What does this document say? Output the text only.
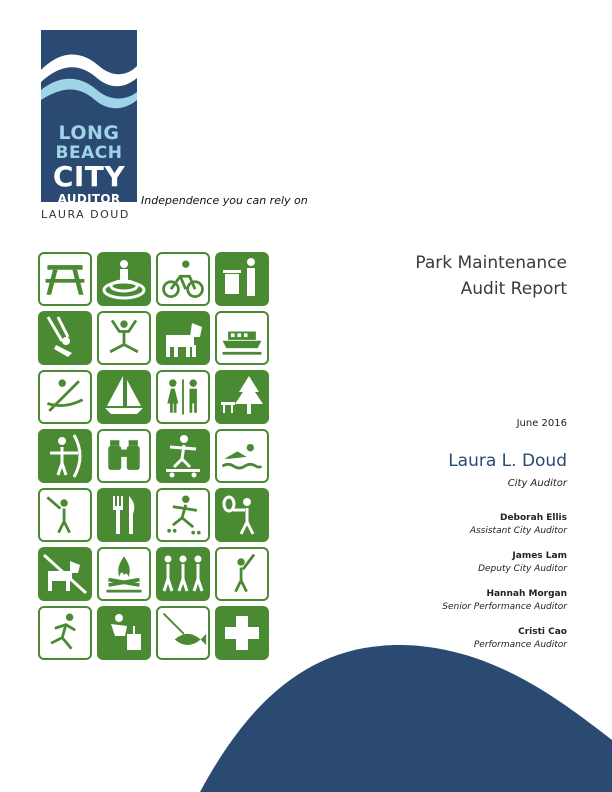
LONG
BEACH
CITY
AUDITOR
LAURA DOUD
Independence you can rely on
Park Maintenance
Audit Report
June 2016
Laura L. Doud
City Auditor
Deborah Ellis
Assistant City Auditor
James Lam
Deputy City Auditor
Hannah Morgan
Senior Performance Auditor
Cristi Cao
Performance Auditor
